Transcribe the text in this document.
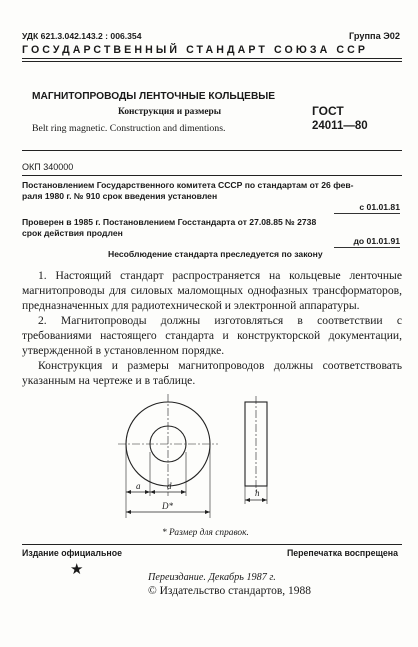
УДК 621.3.042.143.2 : 006.354	Группа Э02
ГОСУДАРСТВЕННЫЙ СТАНДАРТ СОЮЗА ССР
МАГНИТОПРОВОДЫ ЛЕНТОЧНЫЕ КОЛЬЦЕВЫЕ
Конструкция и размеры
Belt ring magnetic. Construction and dimentions.
ГОСТ
24011—80
ОКП 340000
Постановлением Государственного комитета СССР по стандартам от 26 фев-
раля 1980 г. № 910 срок введения установлен
с 01.01.81
Проверен в 1985 г. Постановлением Госстандарта от 27.08.85 № 2738
срок действия продлен
до 01.01.91
Несоблюдение стандарта преследуется по закону

1. Настоящий стандарт распространяется на кольцевые ленточные магнитопроводы для силовых маломощных однофазных трансформаторов, предназначенных для радиотехнической и электронной аппаратуры.

2. Магнитопроводы должны изготовляться в соответствии с требованиями настоящего стандарта и конструкторской документации, утвержденной в установленном порядке.

Конструкция и размеры магнитопроводов должны соответствовать указанным на чертеже и в таблице.

a	d
D*
h
* Размер для справок.
Издание официальное
★
Перепечатка воспрещена
Переиздание. Декабрь 1987 г.
© Издательство стандартов, 1988
